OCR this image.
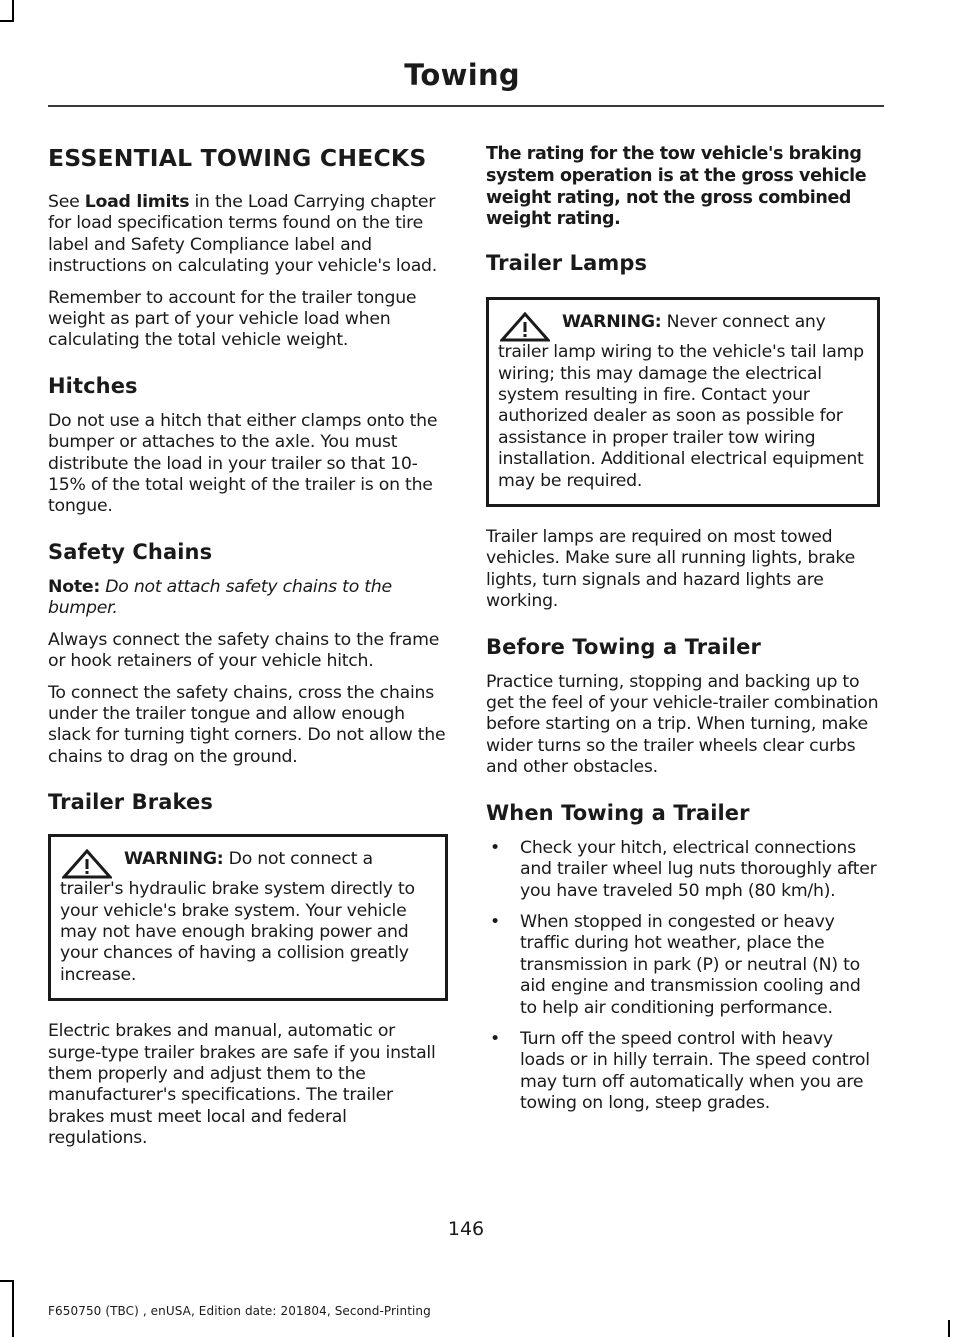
Towing
ESSENTIAL TOWING CHECKS

See Load limits in the Load Carrying chapter for load specification terms found on the tire label and Safety Compliance label and instructions on calculating your vehicle's load.

Remember to account for the trailer tongue weight as part of your vehicle load when calculating the total vehicle weight.

Hitches

Do not use a hitch that either clamps onto the bumper or attaches to the axle. You must distribute the load in your trailer so that 10-15% of the total weight of the trailer is on the tongue.

Safety Chains

Note: Do not attach safety chains to the bumper.

Always connect the safety chains to the frame or hook retainers of your vehicle hitch.

To connect the safety chains, cross the chains under the trailer tongue and allow enough slack for turning tight corners. Do not allow the chains to drag on the ground.

Trailer Brakes
WARNING: Do not connect a trailer's hydraulic brake system directly to your vehicle's brake system. Your vehicle may not have enough braking power and your chances of having a collision greatly increase.

Electric brakes and manual, automatic or surge-type trailer brakes are safe if you install them properly and adjust them to the manufacturer's specifications. The trailer brakes must meet local and federal regulations.

The rating for the tow vehicle's braking system operation is at the gross vehicle weight rating, not the gross combined weight rating.

Trailer Lamps
WARNING: Never connect any trailer lamp wiring to the vehicle's tail lamp wiring; this may damage the electrical system resulting in fire. Contact your authorized dealer as soon as possible for assistance in proper trailer tow wiring installation. Additional electrical equipment may be required.

Trailer lamps are required on most towed vehicles. Make sure all running lights, brake lights, turn signals and hazard lights are working.

Before Towing a Trailer

Practice turning, stopping and backing up to get the feel of your vehicle-trailer combination before starting on a trip. When turning, make wider turns so the trailer wheels clear curbs and other obstacles.

When Towing a Trailer
• Check your hitch, electrical connections and trailer wheel lug nuts thoroughly after you have traveled 50 mph (80 km/h).
• When stopped in congested or heavy traffic during hot weather, place the transmission in park (P) or neutral (N) to aid engine and transmission cooling and to help air conditioning performance.
• Turn off the speed control with heavy loads or in hilly terrain. The speed control may turn off automatically when you are towing on long, steep grades.
146
F650750 (TBC) , enUSA, Edition date: 201804, Second-Printing
